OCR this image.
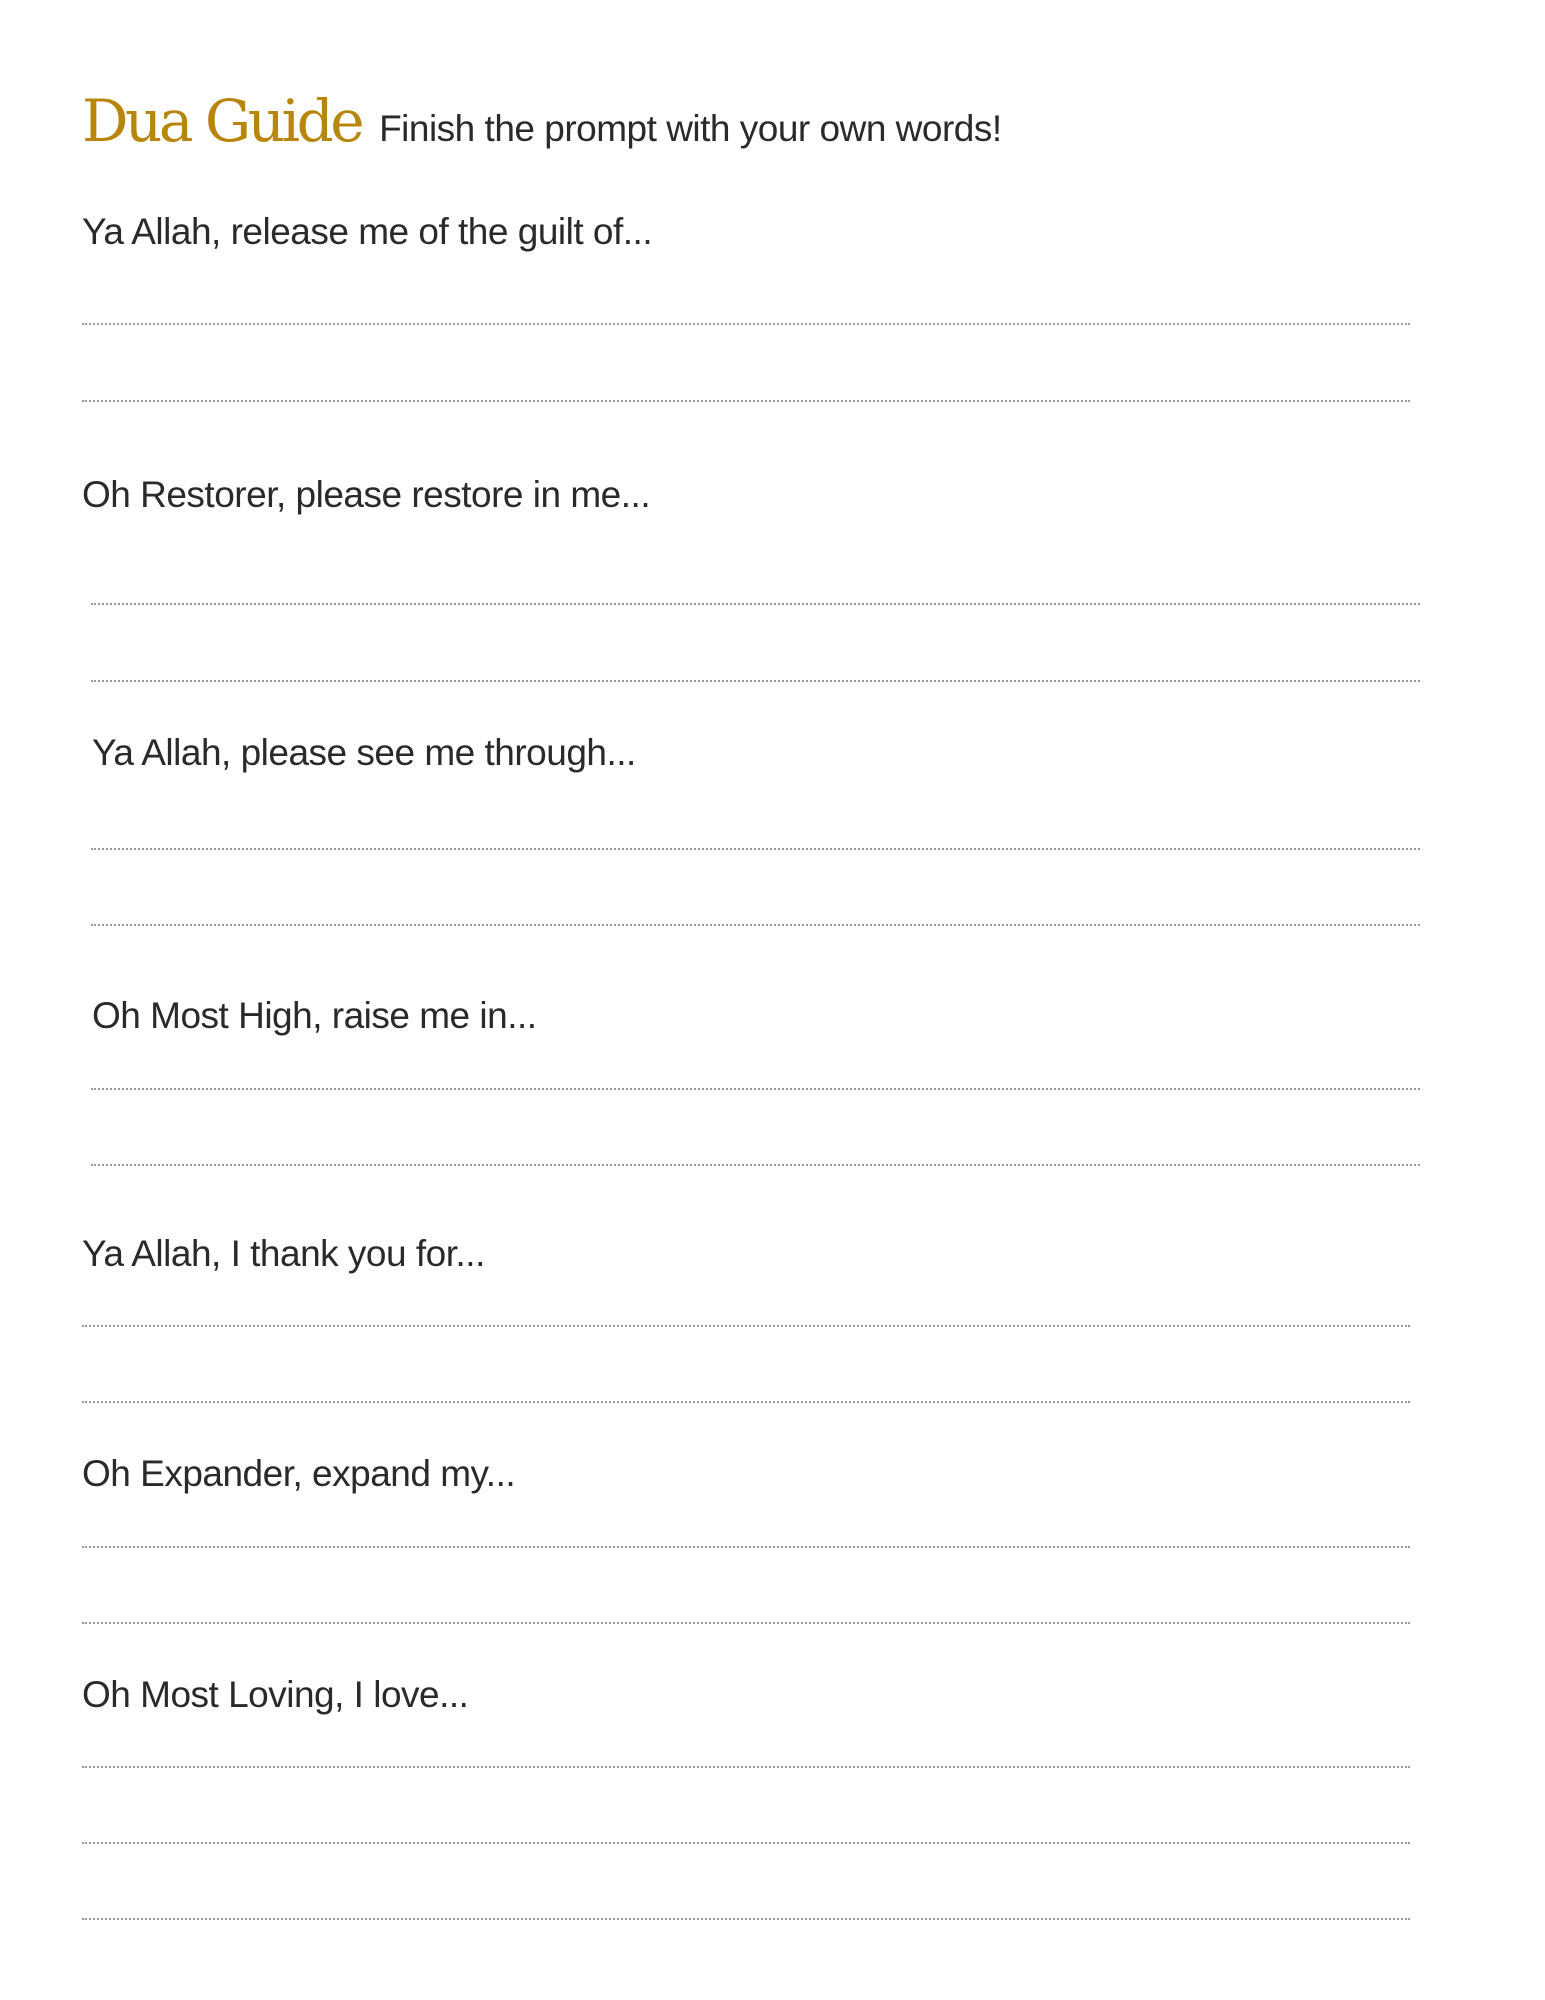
Dua Guide Finish the prompt with your own words!
Ya Allah, release me of the guilt of...
Oh Restorer, please restore in me...
Ya Allah, please see me through...
Oh Most High, raise me in...
Ya Allah, I thank you for...
Oh Expander, expand my...
Oh Most Loving, I love...
